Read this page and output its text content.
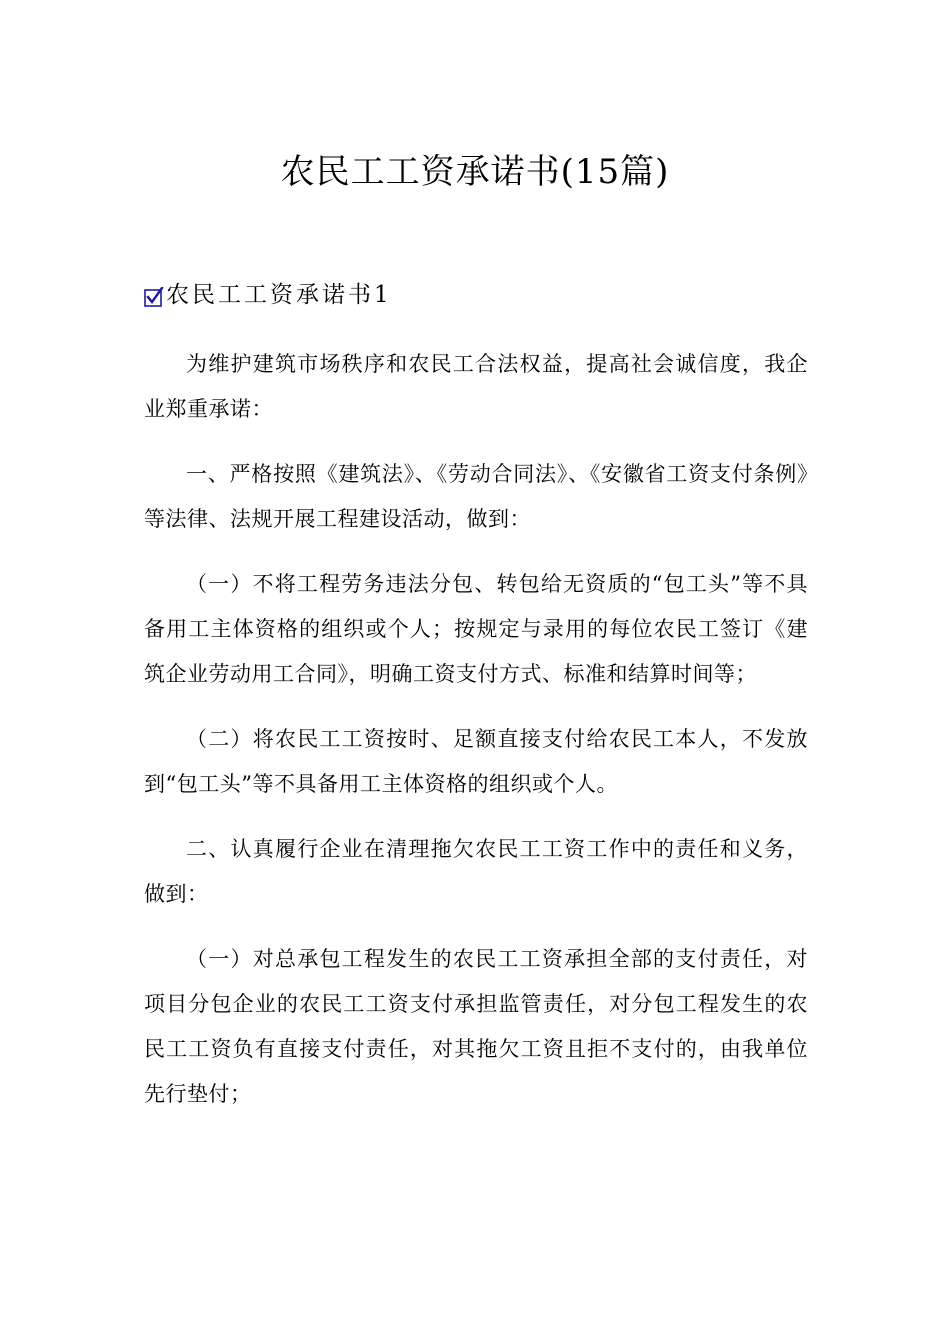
农民工工资承诺书(15篇)
农民工工资承诺书1

为维护建筑市场秩序和农民工合法权益，提高社会诚信度，我企业郑重承诺：

一、严格按照《建筑法》、《劳动合同法》、《安徽省工资支付条例》等法律、法规开展工程建设活动，做到：

（一）不将工程劳务违法分包、转包给无资质的“包工头”等不具备用工主体资格的组织或个人；按规定与录用的每位农民工签订《建筑企业劳动用工合同》，明确工资支付方式、标准和结算时间等；

（二）将农民工工资按时、足额直接支付给农民工本人，不发放到“包工头”等不具备用工主体资格的组织或个人。

二、认真履行企业在清理拖欠农民工工资工作中的责任和义务，做到：

（一）对总承包工程发生的农民工工资承担全部的支付责任，对项目分包企业的农民工工资支付承担监管责任，对分包工程发生的农民工工资负有直接支付责任，对其拖欠工资且拒不支付的，由我单位先行垫付；
